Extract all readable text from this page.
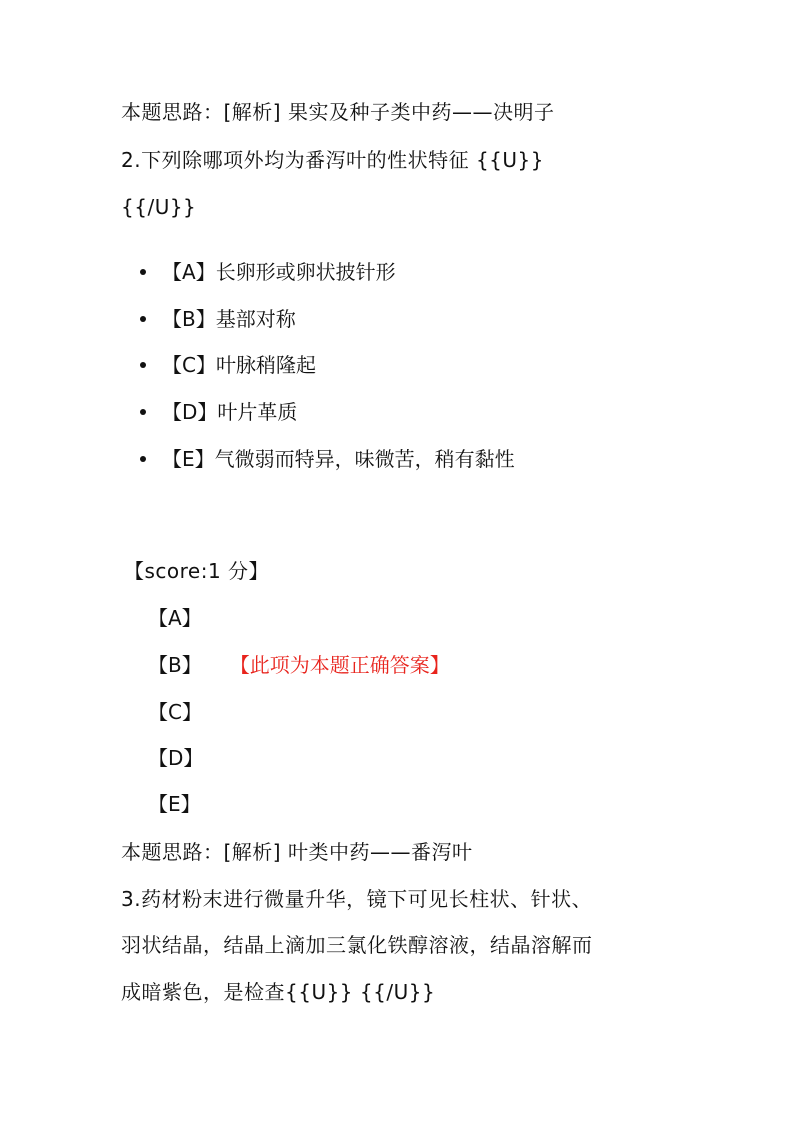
本题思路：[解析] 果实及种子类中药——决明子
2.下列除哪项外均为番泻叶的性状特征 {{U}}
{{/U}}
【A】长卵形或卵状披针形
【B】基部对称
【C】叶脉稍隆起
【D】叶片革质
【E】气微弱而特异，味微苦，稍有黏性
【score:1 分】
【A】
【B】 【此项为本题正确答案】
【C】
【D】
【E】
本题思路：[解析] 叶类中药——番泻叶
3.药材粉末进行微量升华，镜下可见长柱状、针状、
羽状结晶，结晶上滴加三氯化铁醇溶液，结晶溶解而
成暗紫色，是检查{{U}} {{/U}}
